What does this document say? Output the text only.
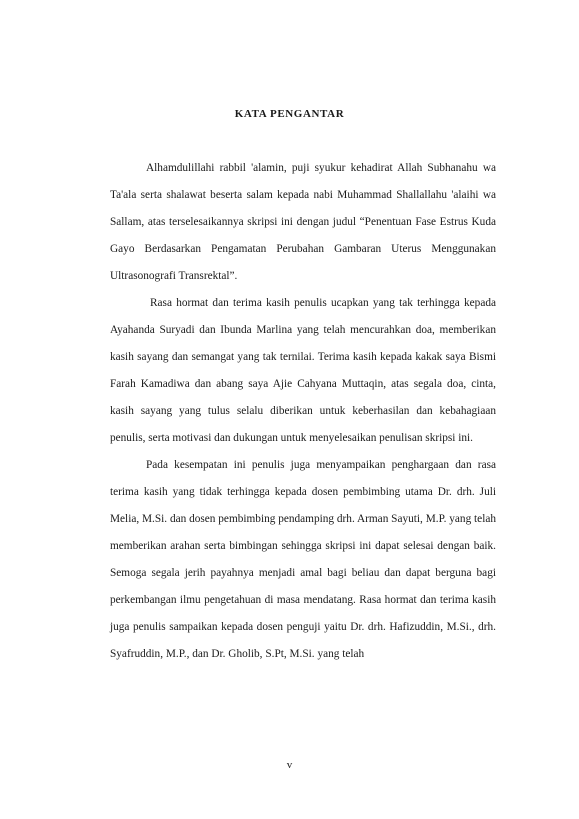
KATA PENGANTAR

Alhamdulillahi rabbil 'alamin, puji syukur kehadirat Allah Subhanahu wa Ta'ala serta shalawat beserta salam kepada nabi Muhammad Shallallahu 'alaihi wa Sallam, atas terselesaikannya skripsi ini dengan judul “Penentuan Fase Estrus Kuda Gayo Berdasarkan Pengamatan Perubahan Gambaran Uterus Menggunakan Ultrasonografi Transrektal”.

Rasa hormat dan terima kasih penulis ucapkan yang tak terhingga kepada Ayahanda Suryadi dan Ibunda Marlina yang telah mencurahkan doa, memberikan kasih sayang dan semangat yang tak ternilai. Terima kasih kepada kakak saya Bismi Farah Kamadiwa dan abang saya Ajie Cahyana Muttaqin, atas segala doa, cinta, kasih sayang yang tulus selalu diberikan untuk keberhasilan dan kebahagiaan penulis, serta motivasi dan dukungan untuk menyelesaikan penulisan skripsi ini.

Pada kesempatan ini penulis juga menyampaikan penghargaan dan rasa terima kasih yang tidak terhingga kepada dosen pembimbing utama Dr. drh. Juli Melia, M.Si. dan dosen pembimbing pendamping drh. Arman Sayuti, M.P. yang telah memberikan arahan serta bimbingan sehingga skripsi ini dapat selesai dengan baik. Semoga segala jerih payahnya menjadi amal bagi beliau dan dapat berguna bagi perkembangan ilmu pengetahuan di masa mendatang. Rasa hormat dan terima kasih juga penulis sampaikan kepada dosen penguji yaitu Dr. drh. Hafizuddin, M.Si., drh. Syafruddin, M.P., dan Dr. Gholib, S.Pt, M.Si. yang telah

v
